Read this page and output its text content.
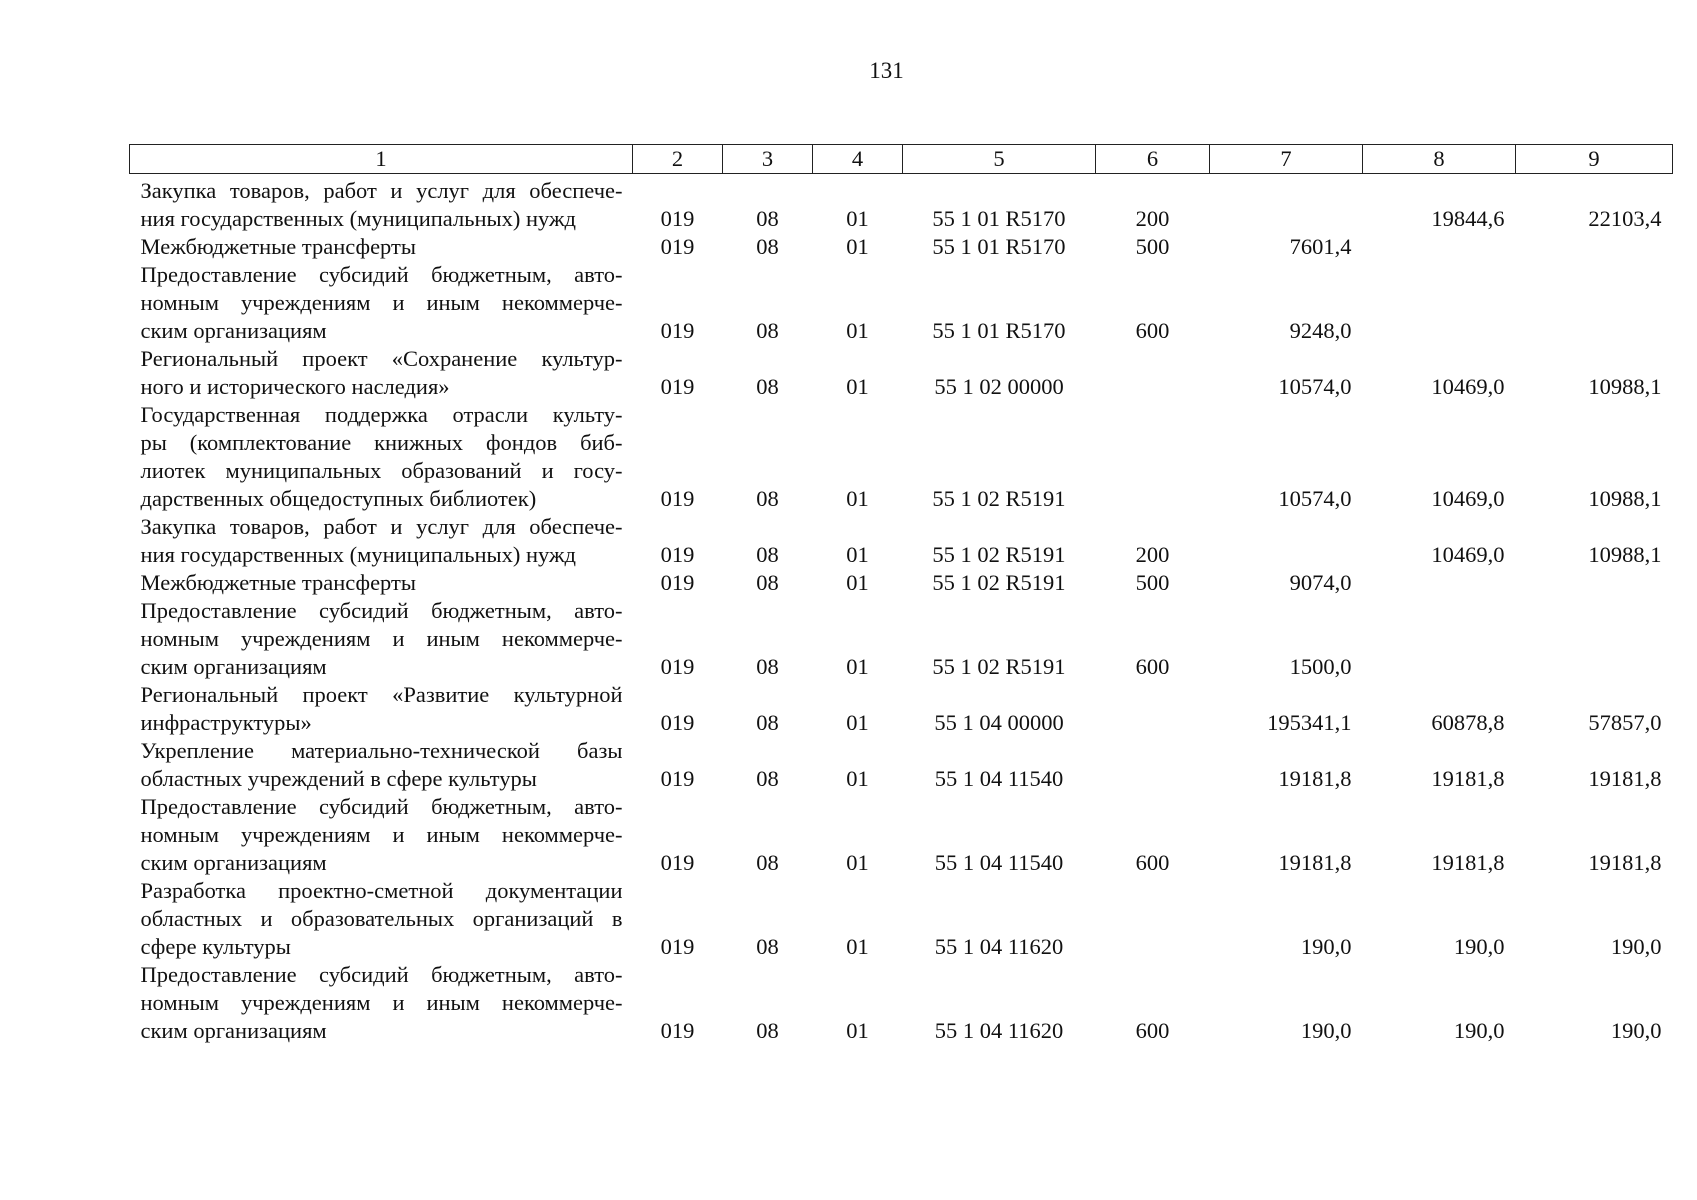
131
1	2	3	4	5	6	7	8	9

Закупка товаров, работ и услуг для обеспече-
ния государственных (муниципальных) нужд	019	08	01	55 1 01 R5170	200		19844,6	22103,4

Межбюджетные трансферты	019	08	01	55 1 01 R5170	500	7601,4		

Предоставление субсидий бюджетным, авто-
номным учреждениям и иным некоммерче-
ским организациям	019	08	01	55 1 01 R5170	600	9248,0		

Региональный проект «Сохранение культур-
ного и исторического наследия»	019	08	01	55 1 02 00000		10574,0	10469,0	10988,1

Государственная поддержка отрасли культу-
ры (комплектование книжных фондов биб-
лиотек муниципальных образований и госу-
дарственных общедоступных библиотек)	019	08	01	55 1 02 R5191		10574,0	10469,0	10988,1

Закупка товаров, работ и услуг для обеспече-
ния государственных (муниципальных) нужд	019	08	01	55 1 02 R5191	200		10469,0	10988,1

Межбюджетные трансферты	019	08	01	55 1 02 R5191	500	9074,0		

Предоставление субсидий бюджетным, авто-
номным учреждениям и иным некоммерче-
ским организациям	019	08	01	55 1 02 R5191	600	1500,0		

Региональный проект «Развитие культурной
инфраструктуры»	019	08	01	55 1 04 00000		195341,1	60878,8	57857,0

Укрепление материально-технической базы
областных учреждений в сфере культуры	019	08	01	55 1 04 11540		19181,8	19181,8	19181,8

Предоставление субсидий бюджетным, авто-
номным учреждениям и иным некоммерче-
ским организациям	019	08	01	55 1 04 11540	600	19181,8	19181,8	19181,8

Разработка проектно-сметной документации
областных и образовательных организаций в
сфере культуры	019	08	01	55 1 04 11620		190,0	190,0	190,0

Предоставление субсидий бюджетным, авто-
номным учреждениям и иным некоммерче-
ским организациям	019	08	01	55 1 04 11620	600	190,0	190,0	190,0
